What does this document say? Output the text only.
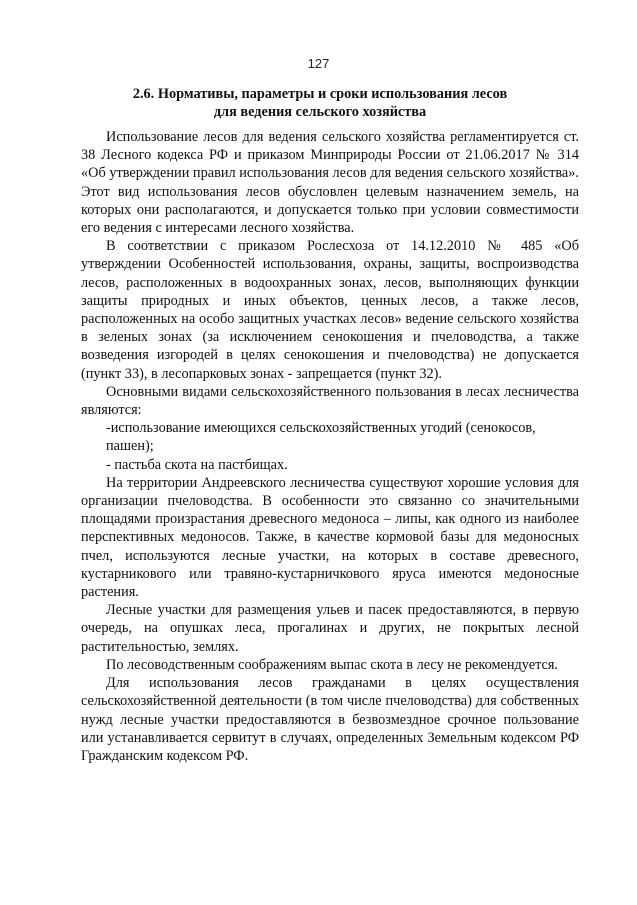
127
2.6. Нормативы, параметры и сроки использования лесов
для ведения сельского хозяйства

Использование лесов для ведения сельского хозяйства регламентируется ст. 38 Лесного кодекса РФ и приказом Минприроды России от 21.06.2017 № 314 «Об утверждении правил использования лесов для ведения сельского хозяйства». Этот вид использования лесов обусловлен целевым назначением земель, на которых они располагаются, и допускается только при условии совместимости его ведения с интересами лесного хозяйства.

В соответствии с приказом Рослесхоза от 14.12.2010 № 485 «Об утверждении Особенностей использования, охраны, защиты, воспроизводства лесов, расположенных в водоохранных зонах, лесов, выполняющих функции защиты природных и иных объектов, ценных лесов, а также лесов, расположенных на особо защитных участках лесов» ведение сельского хозяйства в зеленых зонах (за исключением сенокошения и пчеловодства, а также возведения изгородей в целях сенокошения и пчеловодства) не допускается (пункт 33), в лесопарковых зонах - запрещается (пункт 32).

Основными видами сельскохозяйственного пользования в лесах лесничества являются:

-использование имеющихся сельскохозяйственных угодий (сенокосов, пашен);

- пастьба скота на пастбищах.

На территории Андреевского лесничества существуют хорошие условия для организации пчеловодства. В особенности это связанно со значительными площадями произрастания древесного медоноса – липы, как одного из наиболее перспективных медоносов. Также, в качестве кормовой базы для медоносных пчел, используются лесные участки, на которых в составе древесного, кустарникового или травяно-кустарничкового яруса имеются медоносные растения.

Лесные участки для размещения ульев и пасек предоставляются, в первую очередь, на опушках леса, прогалинах и других, не покрытых лесной растительностью, землях.

По лесоводственным соображениям выпас скота в лесу не рекомендуется.

Для использования лесов гражданами в целях осуществления сельскохозяйственной деятельности (в том числе пчеловодства) для собственных нужд лесные участки предоставляются в безвозмездное срочное пользование или устанавливается сервитут в случаях, определенных Земельным кодексом РФ Гражданским кодексом РФ.
